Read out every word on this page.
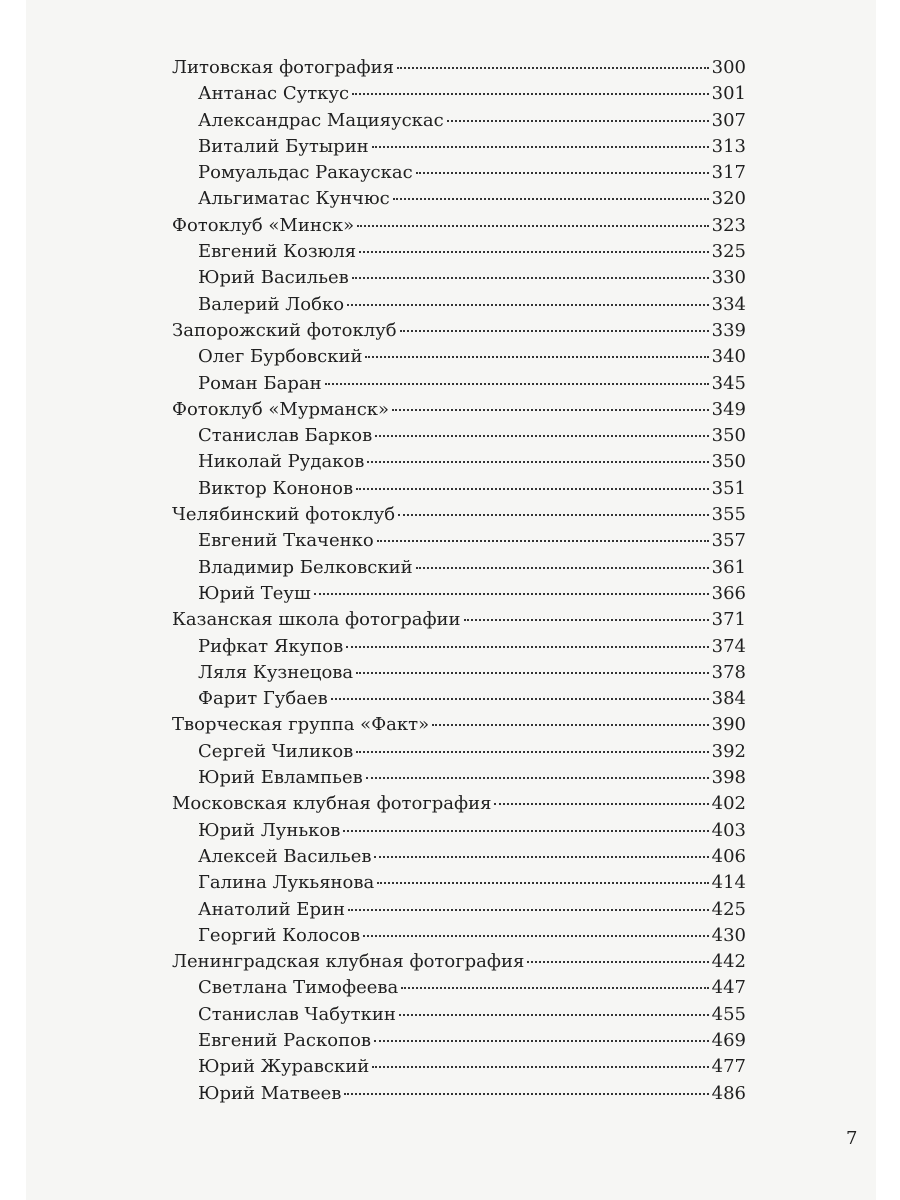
Литовская фотография	300
Антанас Суткус	301
Александрас Мацияускас	307
Виталий Бутырин	313
Ромуальдас Ракаускас	317
Альгиматас Кунчюс	320
Фотоклуб «Минск»	323
Евгений Козюля	325
Юрий Васильев	330
Валерий Лобко	334
Запорожский фотоклуб	339
Олег Бурбовский	340
Роман Баран	345
Фотоклуб «Мурманск»	349
Станислав Барков	350
Николай Рудаков	350
Виктор Кононов	351
Челябинский фотоклуб	355
Евгений Ткаченко	357
Владимир Белковский	361
Юрий Теуш	366
Казанская школа фотографии	371
Рифкат Якупов	374
Ляля Кузнецова	378
Фарит Губаев	384
Творческая группа «Факт»	390
Сергей Чиликов	392
Юрий Евлампьев	398
Московская клубная фотография	402
Юрий Луньков	403
Алексей Васильев	406
Галина Лукьянова	414
Анатолий Ерин	425
Георгий Колосов	430
Ленинградская клубная фотография	442
Светлана Тимофеева	447
Станислав Чабуткин	455
Евгений Раскопов	469
Юрий Журавский	477
Юрий Матвеев	486
7
